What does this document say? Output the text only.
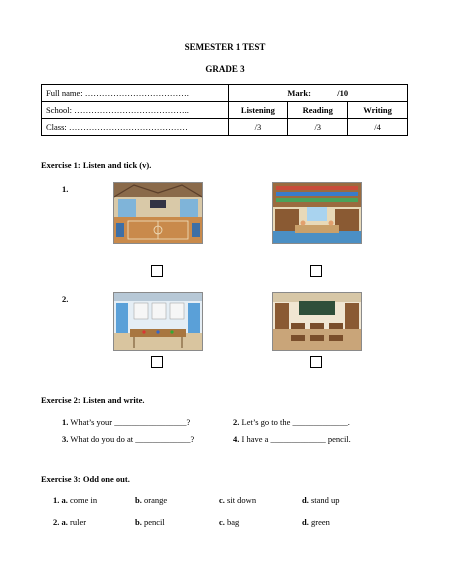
SEMESTER 1 TEST
GRADE 3
Full name: ……………………………….	Mark: /10		
School: …………………………………..	Listening	Reading	Writing
Class: ……………………………………	/3	/3	/4
Exercise 1: Listen and tick (v).
1.
2.
Exercise 2: Listen and write.
1. What’s your _________________?	2. Let’s go to the _____________.
3. What do you do at _____________?	4. I have a _____________ pencil.
Exercise 3: Odd one out.
1. a. come in	b. orange	c. sit down	d. stand up
2. a. ruler	b. pencil	c. bag	d. green
